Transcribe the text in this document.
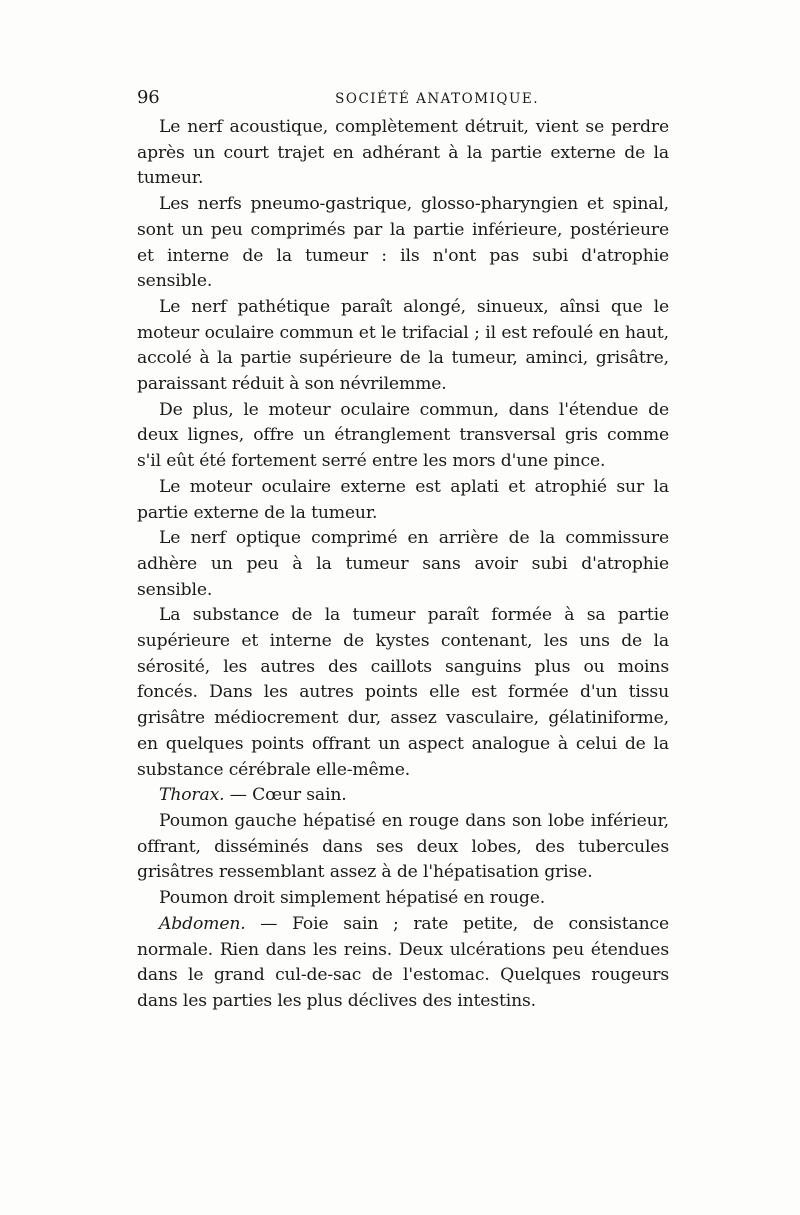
96	SOCIÉTÉ ANATOMIQUE.

Le nerf acoustique, complètement détruit, vient se perdre après un court trajet en adhérant à la partie externe de la tumeur.

Les nerfs pneumo-gastrique, glosso-pharyngien et spinal, sont un peu comprimés par la partie inférieure, postérieure et interne de la tumeur : ils n'ont pas subi d'atrophie sensible.

Le nerf pathétique paraît alongé, sinueux, aînsi que le moteur oculaire commun et le trifacial ; il est refoulé en haut, accolé à la partie supérieure de la tumeur, aminci, grisâtre, paraissant réduit à son névrilemme.

De plus, le moteur oculaire commun, dans l'étendue de deux lignes, offre un étranglement transversal gris comme s'il eût été fortement serré entre les mors d'une pince.

Le moteur oculaire externe est aplati et atrophié sur la partie externe de la tumeur.

Le nerf optique comprimé en arrière de la commissure adhère un peu à la tumeur sans avoir subi d'atrophie sensible.

La substance de la tumeur paraît formée à sa partie supérieure et interne de kystes contenant, les uns de la sérosité, les autres des caillots sanguins plus ou moins foncés. Dans les autres points elle est formée d'un tissu grisâtre médiocrement dur, assez vasculaire, gélatiniforme, en quelques points offrant un aspect analogue à celui de la substance cérébrale elle-même.

Thorax. — Cœur sain.

Poumon gauche hépatisé en rouge dans son lobe inférieur, offrant, disséminés dans ses deux lobes, des tubercules grisâtres ressemblant assez à de l'hépatisation grise.

Poumon droit simplement hépatisé en rouge.

Abdomen. — Foie sain ; rate petite, de consistance normale. Rien dans les reins. Deux ulcérations peu étendues dans le grand cul-de-sac de l'estomac. Quelques rougeurs dans les parties les plus déclives des intestins.
